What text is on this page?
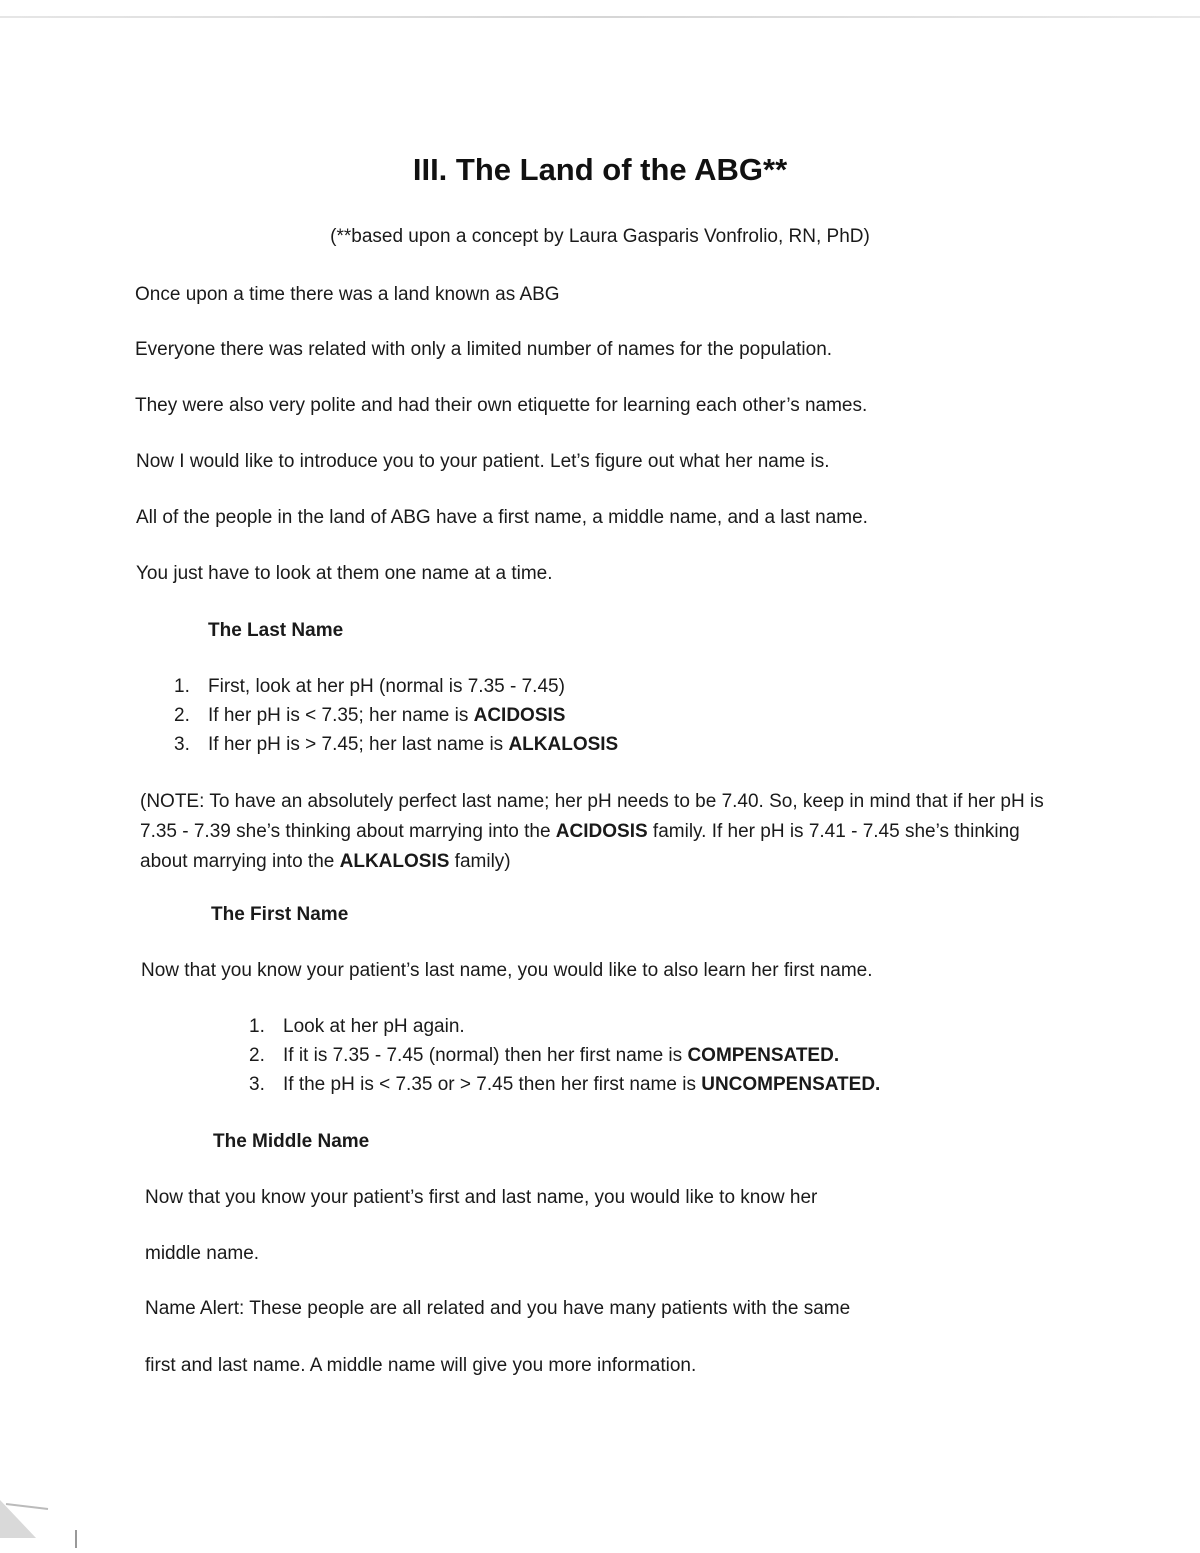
III. The Land of the ABG**

(**based upon a concept by Laura Gasparis Vonfrolio, RN, PhD)

Once upon a time there was a land known as ABG

Everyone there was related with only a limited number of names for the population.

They were also very polite and had their own etiquette for learning each other’s names.

Now I would like to introduce you to your patient. Let’s figure out what her name is.

All of the people in the land of ABG have a first name, a middle name, and a last name.

You just have to look at them one name at a time.

The Last Name

1. First, look at her pH (normal is 7.35 - 7.45)
2. If her pH is < 7.35; her name is ACIDOSIS
3. If her pH is > 7.45; her last name is ALKALOSIS

(NOTE: To have an absolutely perfect last name; her pH needs to be 7.40. So, keep in mind that if her pH is 7.35 - 7.39 she’s thinking about marrying into the ACIDOSIS family. If her pH is 7.41 - 7.45 she’s thinking about marrying into the ALKALOSIS family)

The First Name

Now that you know your patient’s last name, you would like to also learn her first name.

1. Look at her pH again.
2. If it is 7.35 - 7.45 (normal) then her first name is COMPENSATED.
3. If the pH is < 7.35 or > 7.45 then her first name is UNCOMPENSATED.

The Middle Name

Now that you know your patient’s first and last name, you would like to know her

middle name.

Name Alert: These people are all related and you have many patients with the same

first and last name. A middle name will give you more information.
